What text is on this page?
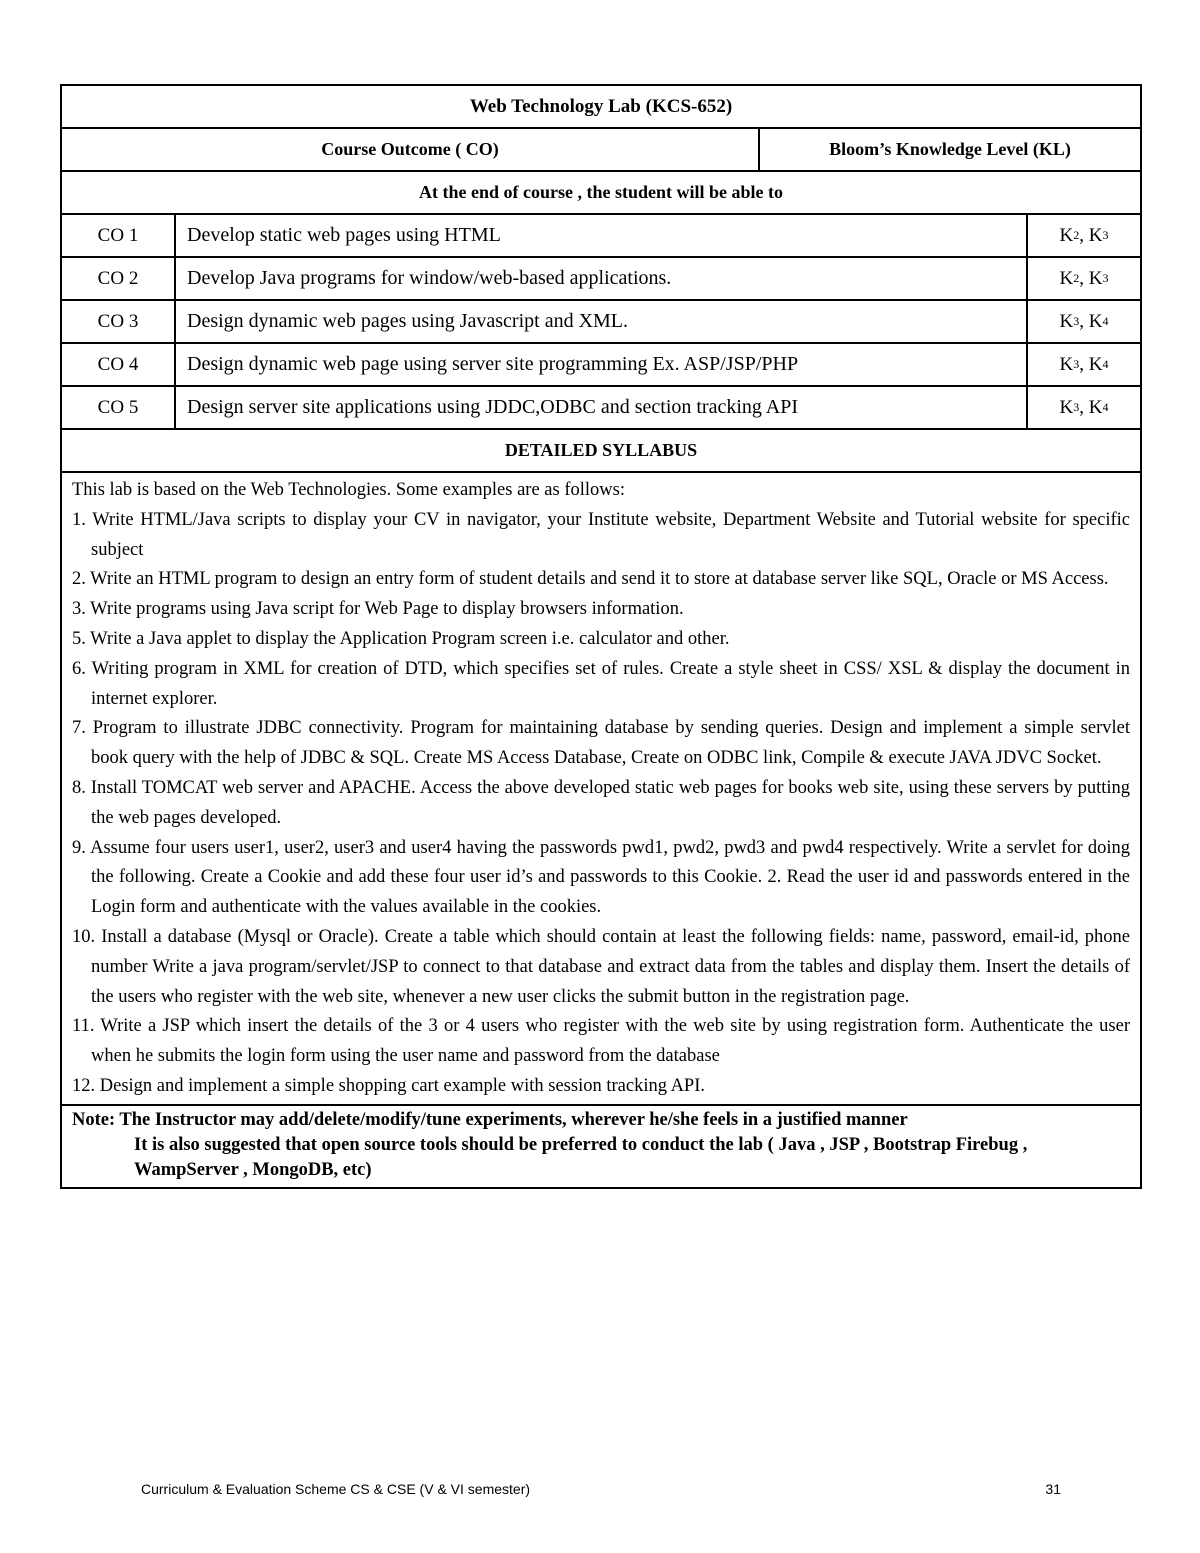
Web Technology Lab (KCS-652)
Course Outcome ( CO)	Bloom’s Knowledge Level (KL)
At the end of course , the student will be able to
CO 1	Develop static web pages using HTML	K 2 , K 3
CO 2	Develop Java programs for window/web-based applications.	K 2 , K 3
CO 3	Design dynamic web pages using Javascript and XML.	K 3 , K 4
CO 4	Design dynamic web page using server site programming Ex. ASP/JSP/PHP	K 3 , K 4
CO 5	Design server site applications using JDDC,ODBC and section tracking API	K 3 , K 4
DETAILED SYLLABUS
This lab is based on the Web Technologies. Some examples are as follows:
1. Write HTML/Java scripts to display your CV in navigator, your Institute website, Department Website and Tutorial website for specific subject
2. Write an HTML program to design an entry form of student details and send it to store at database server like SQL, Oracle or MS Access.
3. Write programs using Java script for Web Page to display browsers information.
5. Write a Java applet to display the Application Program screen i.e. calculator and other.
6. Writing program in XML for creation of DTD, which specifies set of rules. Create a style sheet in CSS/ XSL & display the document in internet explorer.
7. Program to illustrate JDBC connectivity. Program for maintaining database by sending queries. Design and implement a simple servlet book query with the help of JDBC & SQL. Create MS Access Database, Create on ODBC link, Compile & execute JAVA JDVC Socket.
8. Install TOMCAT web server and APACHE. Access the above developed static web pages for books web site, using these servers by putting the web pages developed.
9. Assume four users user1, user2, user3 and user4 having the passwords pwd1, pwd2, pwd3 and pwd4 respectively. Write a servlet for doing the following. Create a Cookie and add these four user id’s and passwords to this Cookie. 2. Read the user id and passwords entered in the Login form and authenticate with the values available in the cookies.
10. Install a database (Mysql or Oracle). Create a table which should contain at least the following fields: name, password, email-id, phone number Write a java program/servlet/JSP to connect to that database and extract data from the tables and display them. Insert the details of the users who register with the web site, whenever a new user clicks the submit button in the registration page.
11. Write a JSP which insert the details of the 3 or 4 users who register with the web site by using registration form. Authenticate the user when he submits the login form using the user name and password from the database
12. Design and implement a simple shopping cart example with session tracking API.
Note: The Instructor may add/delete/modify/tune experiments, wherever he/she feels in a justified manner
It is also suggested that open source tools should be preferred to conduct the lab ( Java , JSP , Bootstrap Firebug , WampServer , MongoDB, etc)
Curriculum & Evaluation Scheme CS & CSE (V & VI semester)	31
